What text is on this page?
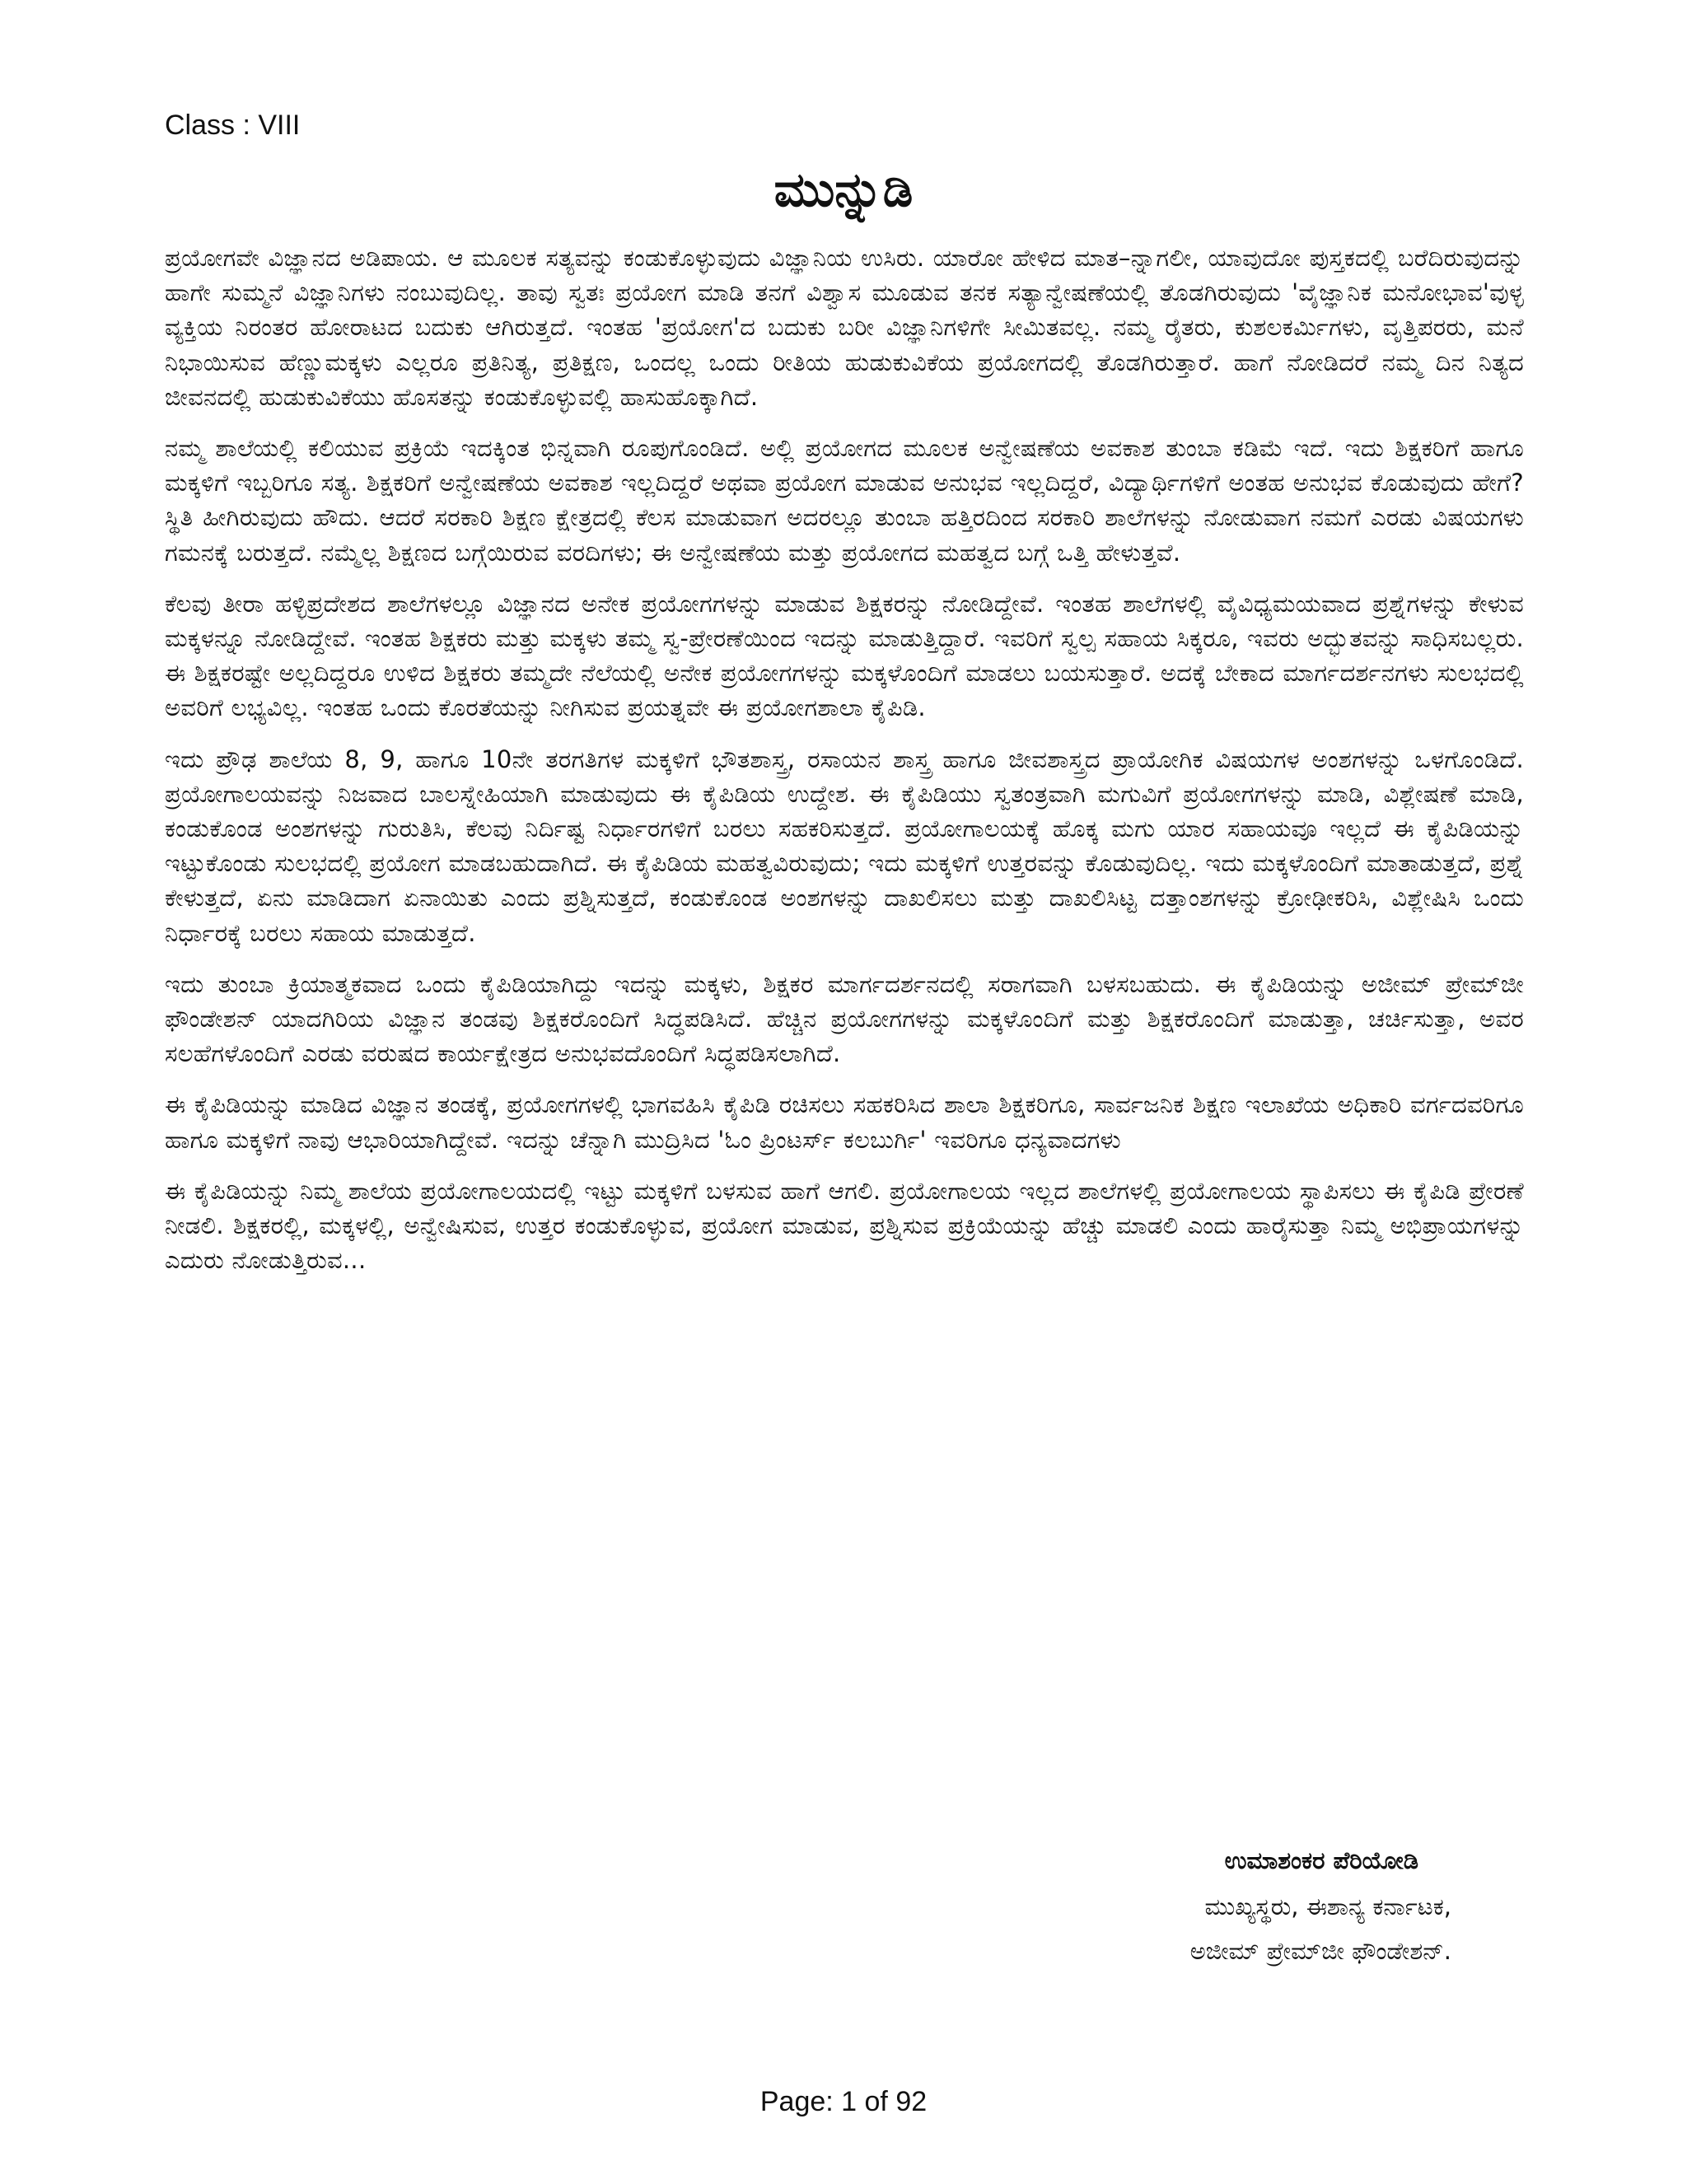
Class : VIII
ಮುನ್ನುಡಿ

ಪ್ರಯೋಗವೇ ವಿಜ್ಞಾನದ ಅಡಿಪಾಯ. ಆ ಮೂಲಕ ಸತ್ಯವನ್ನು ಕಂಡುಕೊಳ್ಳುವುದು ವಿಜ್ಞಾನಿಯ ಉಸಿರು. ಯಾರೋ ಹೇಳಿದ ಮಾತ–ನ್ನಾಗಲೀ, ಯಾವುದೋ ಪುಸ್ತಕದಲ್ಲಿ ಬರೆದಿರುವುದನ್ನು ಹಾಗೇ ಸುಮ್ಮನೆ ವಿಜ್ಞಾನಿಗಳು ನಂಬುವುದಿಲ್ಲ. ತಾವು ಸ್ವತಃ ಪ್ರಯೋಗ ಮಾಡಿ ತನಗೆ ವಿಶ್ವಾಸ ಮೂಡುವ ತನಕ ಸತ್ಯಾನ್ವೇಷಣೆಯಲ್ಲಿ ತೊಡಗಿರುವುದು 'ವೈಜ್ಞಾನಿಕ ಮನೋಭಾವ'ವುಳ್ಳ ವ್ಯಕ್ತಿಯ ನಿರಂತರ ಹೋರಾಟದ ಬದುಕು ಆಗಿರುತ್ತದೆ. ಇಂತಹ 'ಪ್ರಯೋಗ'ದ ಬದುಕು ಬರೀ ವಿಜ್ಞಾನಿಗಳಿಗೇ ಸೀಮಿತವಲ್ಲ. ನಮ್ಮ ರೈತರು, ಕುಶಲಕರ್ಮಿಗಳು, ವೃತ್ತಿಪರರು, ಮನೆ ನಿಭಾಯಿಸುವ ಹೆಣ್ಣುಮಕ್ಕಳು ಎಲ್ಲರೂ ಪ್ರತಿನಿತ್ಯ, ಪ್ರತಿಕ್ಷಣ, ಒಂದಲ್ಲ ಒಂದು ರೀತಿಯ ಹುಡುಕುವಿಕೆಯ ಪ್ರಯೋಗದಲ್ಲಿ ತೊಡಗಿರುತ್ತಾರೆ. ಹಾಗೆ ನೋಡಿದರೆ ನಮ್ಮ ದಿನ ನಿತ್ಯದ ಜೀವನದಲ್ಲಿ ಹುಡುಕುವಿಕೆಯು ಹೊಸತನ್ನು ಕಂಡುಕೊಳ್ಳುವಲ್ಲಿ ಹಾಸುಹೊಕ್ಕಾಗಿದೆ.

ನಮ್ಮ ಶಾಲೆಯಲ್ಲಿ ಕಲಿಯುವ ಪ್ರಕ್ರಿಯೆ ಇದಕ್ಕಿಂತ ಭಿನ್ನವಾಗಿ ರೂಪುಗೊಂಡಿದೆ. ಅಲ್ಲಿ ಪ್ರಯೋಗದ ಮೂಲಕ ಅನ್ವೇಷಣೆಯ ಅವಕಾಶ ತುಂಬಾ ಕಡಿಮೆ ಇದೆ. ಇದು ಶಿಕ್ಷಕರಿಗೆ ಹಾಗೂ ಮಕ್ಕಳಿಗೆ ಇಬ್ಬರಿಗೂ ಸತ್ಯ. ಶಿಕ್ಷಕರಿಗೆ ಅನ್ವೇಷಣೆಯ ಅವಕಾಶ ಇಲ್ಲದಿದ್ದರೆ ಅಥವಾ ಪ್ರಯೋಗ ಮಾಡುವ ಅನುಭವ ಇಲ್ಲದಿದ್ದರೆ, ವಿದ್ಯಾರ್ಥಿಗಳಿಗೆ ಅಂತಹ ಅನುಭವ ಕೊಡುವುದು ಹೇಗೆ? ಸ್ಥಿತಿ ಹೀಗಿರುವುದು ಹೌದು. ಆದರೆ ಸರಕಾರಿ ಶಿಕ್ಷಣ ಕ್ಷೇತ್ರದಲ್ಲಿ ಕೆಲಸ ಮಾಡುವಾಗ ಅದರಲ್ಲೂ ತುಂಬಾ ಹತ್ತಿರದಿಂದ ಸರಕಾರಿ ಶಾಲೆಗಳನ್ನು ನೋಡುವಾಗ ನಮಗೆ ಎರಡು ವಿಷಯಗಳು ಗಮನಕ್ಕೆ ಬರುತ್ತದೆ. ನಮ್ಮೆಲ್ಲ ಶಿಕ್ಷಣದ ಬಗ್ಗೆಯಿರುವ ವರದಿಗಳು; ಈ ಅನ್ವೇಷಣೆಯ ಮತ್ತು ಪ್ರಯೋಗದ ಮಹತ್ವದ ಬಗ್ಗೆ ಒತ್ತಿ ಹೇಳುತ್ತವೆ.

ಕೆಲವು ತೀರಾ ಹಳ್ಳಿಪ್ರದೇಶದ ಶಾಲೆಗಳಲ್ಲೂ ವಿಜ್ಞಾನದ ಅನೇಕ ಪ್ರಯೋಗಗಳನ್ನು ಮಾಡುವ ಶಿಕ್ಷಕರನ್ನು ನೋಡಿದ್ದೇವೆ. ಇಂತಹ ಶಾಲೆಗಳಲ್ಲಿ ವೈವಿಧ್ಯಮಯವಾದ ಪ್ರಶ್ನೆಗಳನ್ನು ಕೇಳುವ ಮಕ್ಕಳನ್ನೂ ನೋಡಿದ್ದೇವೆ. ಇಂತಹ ಶಿಕ್ಷಕರು ಮತ್ತು ಮಕ್ಕಳು ತಮ್ಮ ಸ್ವ-ಪ್ರೇರಣೆಯಿಂದ ಇದನ್ನು ಮಾಡುತ್ತಿದ್ದಾರೆ. ಇವರಿಗೆ ಸ್ವಲ್ಪ ಸಹಾಯ ಸಿಕ್ಕರೂ, ಇವರು ಅದ್ಭುತವನ್ನು ಸಾಧಿಸಬಲ್ಲರು. ಈ ಶಿಕ್ಷಕರಷ್ಟೇ ಅಲ್ಲದಿದ್ದರೂ ಉಳಿದ ಶಿಕ್ಷಕರು ತಮ್ಮದೇ ನೆಲೆಯಲ್ಲಿ ಅನೇಕ ಪ್ರಯೋಗಗಳನ್ನು ಮಕ್ಕಳೊಂದಿಗೆ ಮಾಡಲು ಬಯಸುತ್ತಾರೆ. ಅದಕ್ಕೆ ಬೇಕಾದ ಮಾರ್ಗದರ್ಶನಗಳು ಸುಲಭದಲ್ಲಿ ಅವರಿಗೆ ಲಭ್ಯವಿಲ್ಲ. ಇಂತಹ ಒಂದು ಕೊರತೆಯನ್ನು ನೀಗಿಸುವ ಪ್ರಯತ್ನವೇ ಈ ಪ್ರಯೋಗಶಾಲಾ ಕೈಪಿಡಿ.

ಇದು ಪ್ರೌಢ ಶಾಲೆಯ 8, 9, ಹಾಗೂ 10ನೇ ತರಗತಿಗಳ ಮಕ್ಕಳಿಗೆ ಭೌತಶಾಸ್ತ್ರ, ರಸಾಯನ ಶಾಸ್ತ್ರ ಹಾಗೂ ಜೀವಶಾಸ್ತ್ರದ ಪ್ರಾಯೋಗಿಕ ವಿಷಯಗಳ ಅಂಶಗಳನ್ನು ಒಳಗೊಂಡಿದೆ. ಪ್ರಯೋಗಾಲಯವನ್ನು ನಿಜವಾದ ಬಾಲಸ್ನೇಹಿಯಾಗಿ ಮಾಡುವುದು ಈ ಕೈಪಿಡಿಯ ಉದ್ದೇಶ. ಈ ಕೈಪಿಡಿಯು ಸ್ವತಂತ್ರವಾಗಿ ಮಗುವಿಗೆ ಪ್ರಯೋಗಗಳನ್ನು ಮಾಡಿ, ವಿಶ್ಲೇಷಣೆ ಮಾಡಿ, ಕಂಡುಕೊಂಡ ಅಂಶಗಳನ್ನು ಗುರುತಿಸಿ, ಕೆಲವು ನಿರ್ದಿಷ್ಟ ನಿರ್ಧಾರಗಳಿಗೆ ಬರಲು ಸಹಕರಿಸುತ್ತದೆ. ಪ್ರಯೋಗಾಲಯಕ್ಕೆ ಹೊಕ್ಕ ಮಗು ಯಾರ ಸಹಾಯವೂ ಇಲ್ಲದೆ ಈ ಕೈಪಿಡಿಯನ್ನು ಇಟ್ಟುಕೊಂಡು ಸುಲಭದಲ್ಲಿ ಪ್ರಯೋಗ ಮಾಡಬಹುದಾಗಿದೆ. ಈ ಕೈಪಿಡಿಯ ಮಹತ್ವವಿರುವುದು; ಇದು ಮಕ್ಕಳಿಗೆ ಉತ್ತರವನ್ನು ಕೊಡುವುದಿಲ್ಲ. ಇದು ಮಕ್ಕಳೊಂದಿಗೆ ಮಾತಾಡುತ್ತದೆ, ಪ್ರಶ್ನೆ ಕೇಳುತ್ತದೆ, ಏನು ಮಾಡಿದಾಗ ಏನಾಯಿತು ಎಂದು ಪ್ರಶ್ನಿಸುತ್ತದೆ, ಕಂಡುಕೊಂಡ ಅಂಶಗಳನ್ನು ದಾಖಲಿಸಲು ಮತ್ತು ದಾಖಲಿಸಿಟ್ಟ ದತ್ತಾಂಶಗಳನ್ನು ಕ್ರೋಢೀಕರಿಸಿ, ವಿಶ್ಲೇಷಿಸಿ ಒಂದು ನಿರ್ಧಾರಕ್ಕೆ ಬರಲು ಸಹಾಯ ಮಾಡುತ್ತದೆ.

ಇದು ತುಂಬಾ ಕ್ರಿಯಾತ್ಮಕವಾದ ಒಂದು ಕೈಪಿಡಿಯಾಗಿದ್ದು ಇದನ್ನು ಮಕ್ಕಳು, ಶಿಕ್ಷಕರ ಮಾರ್ಗದರ್ಶನದಲ್ಲಿ ಸರಾಗವಾಗಿ ಬಳಸಬಹುದು. ಈ ಕೈಪಿಡಿಯನ್ನು ಅಜೀಮ್ ಪ್ರೇಮ್‌ಜೀ ಫೌಂಡೇಶನ್ ಯಾದಗಿರಿಯ ವಿಜ್ಞಾನ ತಂಡವು ಶಿಕ್ಷಕರೊಂದಿಗೆ ಸಿದ್ಧಪಡಿಸಿದೆ. ಹೆಚ್ಚಿನ ಪ್ರಯೋಗಗಳನ್ನು ಮಕ್ಕಳೊಂದಿಗೆ ಮತ್ತು ಶಿಕ್ಷಕರೊಂದಿಗೆ ಮಾಡುತ್ತಾ, ಚರ್ಚಿಸುತ್ತಾ, ಅವರ ಸಲಹೆಗಳೊಂದಿಗೆ ಎರಡು ವರುಷದ ಕಾರ್ಯಕ್ಷೇತ್ರದ ಅನುಭವದೊಂದಿಗೆ ಸಿದ್ಧಪಡಿಸಲಾಗಿದೆ.

ಈ ಕೈಪಿಡಿಯನ್ನು ಮಾಡಿದ ವಿಜ್ಞಾನ ತಂಡಕ್ಕೆ, ಪ್ರಯೋಗಗಳಲ್ಲಿ ಭಾಗವಹಿಸಿ ಕೈಪಿಡಿ ರಚಿಸಲು ಸಹಕರಿಸಿದ ಶಾಲಾ ಶಿಕ್ಷಕರಿಗೂ, ಸಾರ್ವಜನಿಕ ಶಿಕ್ಷಣ ಇಲಾಖೆಯ ಅಧಿಕಾರಿ ವರ್ಗದವರಿಗೂ ಹಾಗೂ ಮಕ್ಕಳಿಗೆ ನಾವು ಆಭಾರಿಯಾಗಿದ್ದೇವೆ. ಇದನ್ನು ಚೆನ್ನಾಗಿ ಮುದ್ರಿಸಿದ 'ಓಂ ಪ್ರಿಂಟರ್ಸ್ ಕಲಬುರ್ಗಿ' ಇವರಿಗೂ ಧನ್ಯವಾದಗಳು

ಈ ಕೈಪಿಡಿಯನ್ನು ನಿಮ್ಮ ಶಾಲೆಯ ಪ್ರಯೋಗಾಲಯದಲ್ಲಿ ಇಟ್ಟು ಮಕ್ಕಳಿಗೆ ಬಳಸುವ ಹಾಗೆ ಆಗಲಿ. ಪ್ರಯೋಗಾಲಯ ಇಲ್ಲದ ಶಾಲೆಗಳಲ್ಲಿ ಪ್ರಯೋಗಾಲಯ ಸ್ಥಾಪಿಸಲು ಈ ಕೈಪಿಡಿ ಪ್ರೇರಣೆ ನೀಡಲಿ. ಶಿಕ್ಷಕರಲ್ಲಿ, ಮಕ್ಕಳಲ್ಲಿ, ಅನ್ವೇಷಿಸುವ, ಉತ್ತರ ಕಂಡುಕೊಳ್ಳುವ, ಪ್ರಯೋಗ ಮಾಡುವ, ಪ್ರಶ್ನಿಸುವ ಪ್ರಕ್ರಿಯೆಯನ್ನು ಹೆಚ್ಚು ಮಾಡಲಿ ಎಂದು ಹಾರೈಸುತ್ತಾ ನಿಮ್ಮ ಅಭಿಪ್ರಾಯಗಳನ್ನು ಎದುರು ನೋಡುತ್ತಿರುವ...

ಉಮಾಶಂಕರ ಪೆರಿಯೋಡಿ
ಮುಖ್ಯಸ್ಥರು, ಈಶಾನ್ಯ ಕರ್ನಾಟಕ,
ಅಜೀಮ್ ಪ್ರೇಮ್‌ಜೀ ಫೌಂಡೇಶನ್.
Page: 1 of 92
